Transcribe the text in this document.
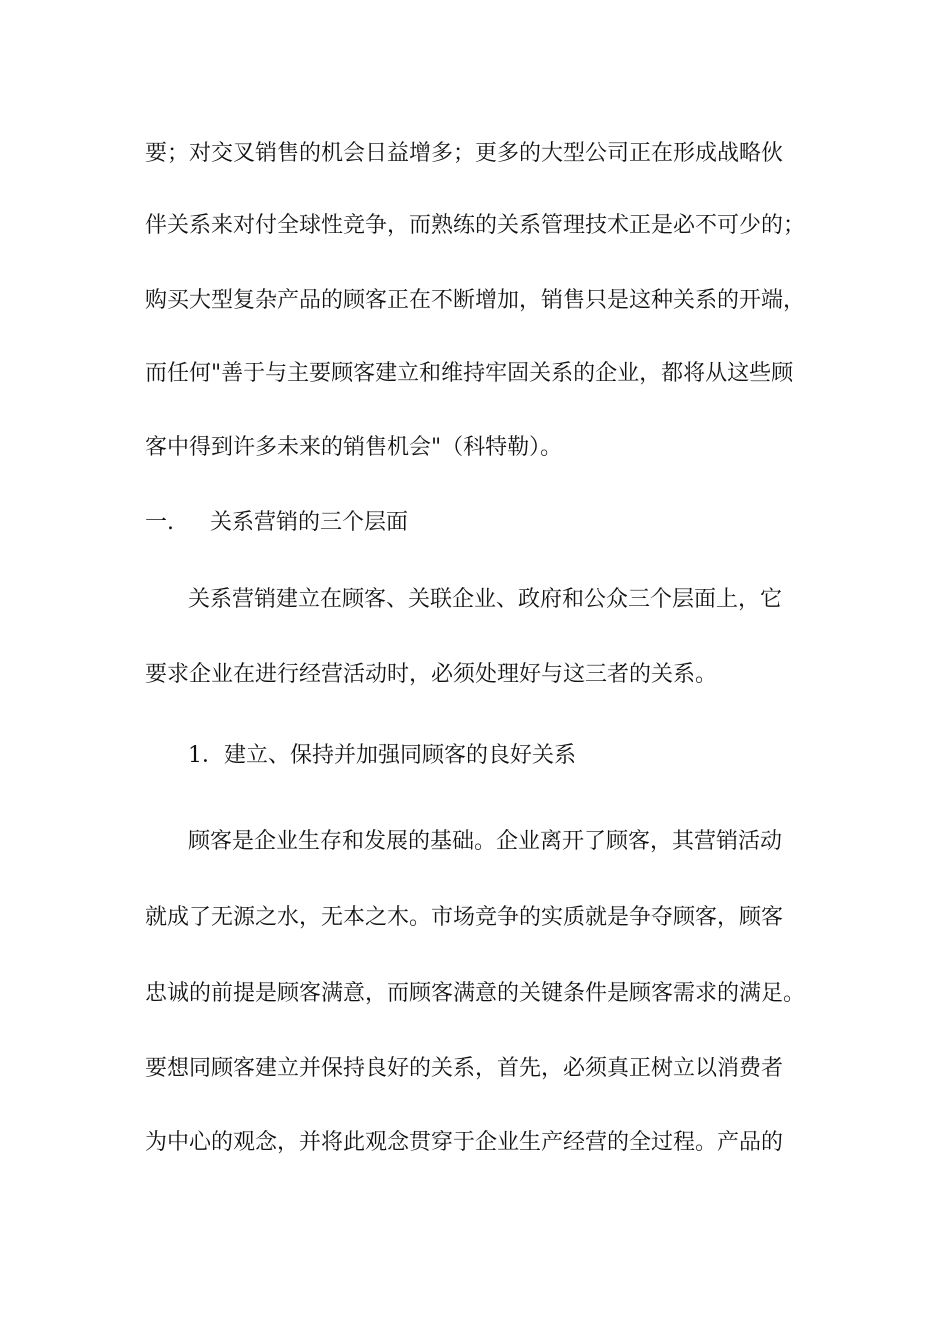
要；对交叉销售的机会日益增多；更多的大型公司正在形成战略伙
伴关系来对付全球性竞争，而熟练的关系管理技术正是必不可少的；
购买大型复杂产品的顾客正在不断增加，销售只是这种关系的开端，
而任何"善于与主要顾客建立和维持牢固关系的企业，都将从这些顾
客中得到许多未来的销售机会"（科特勒）。
一. 关系营销的三个层面
关系营销建立在顾客、关联企业、政府和公众三个层面上，它
要求企业在进行经营活动时，必须处理好与这三者的关系。
1．建立、保持并加强同顾客的良好关系
顾客是企业生存和发展的基础。企业离开了顾客，其营销活动
就成了无源之水，无本之木。市场竞争的实质就是争夺顾客，顾客
忠诚的前提是顾客满意，而顾客满意的关键条件是顾客需求的满足。
要想同顾客建立并保持良好的关系，首先，必须真正树立以消费者
为中心的观念，并将此观念贯穿于企业生产经营的全过程。产品的
